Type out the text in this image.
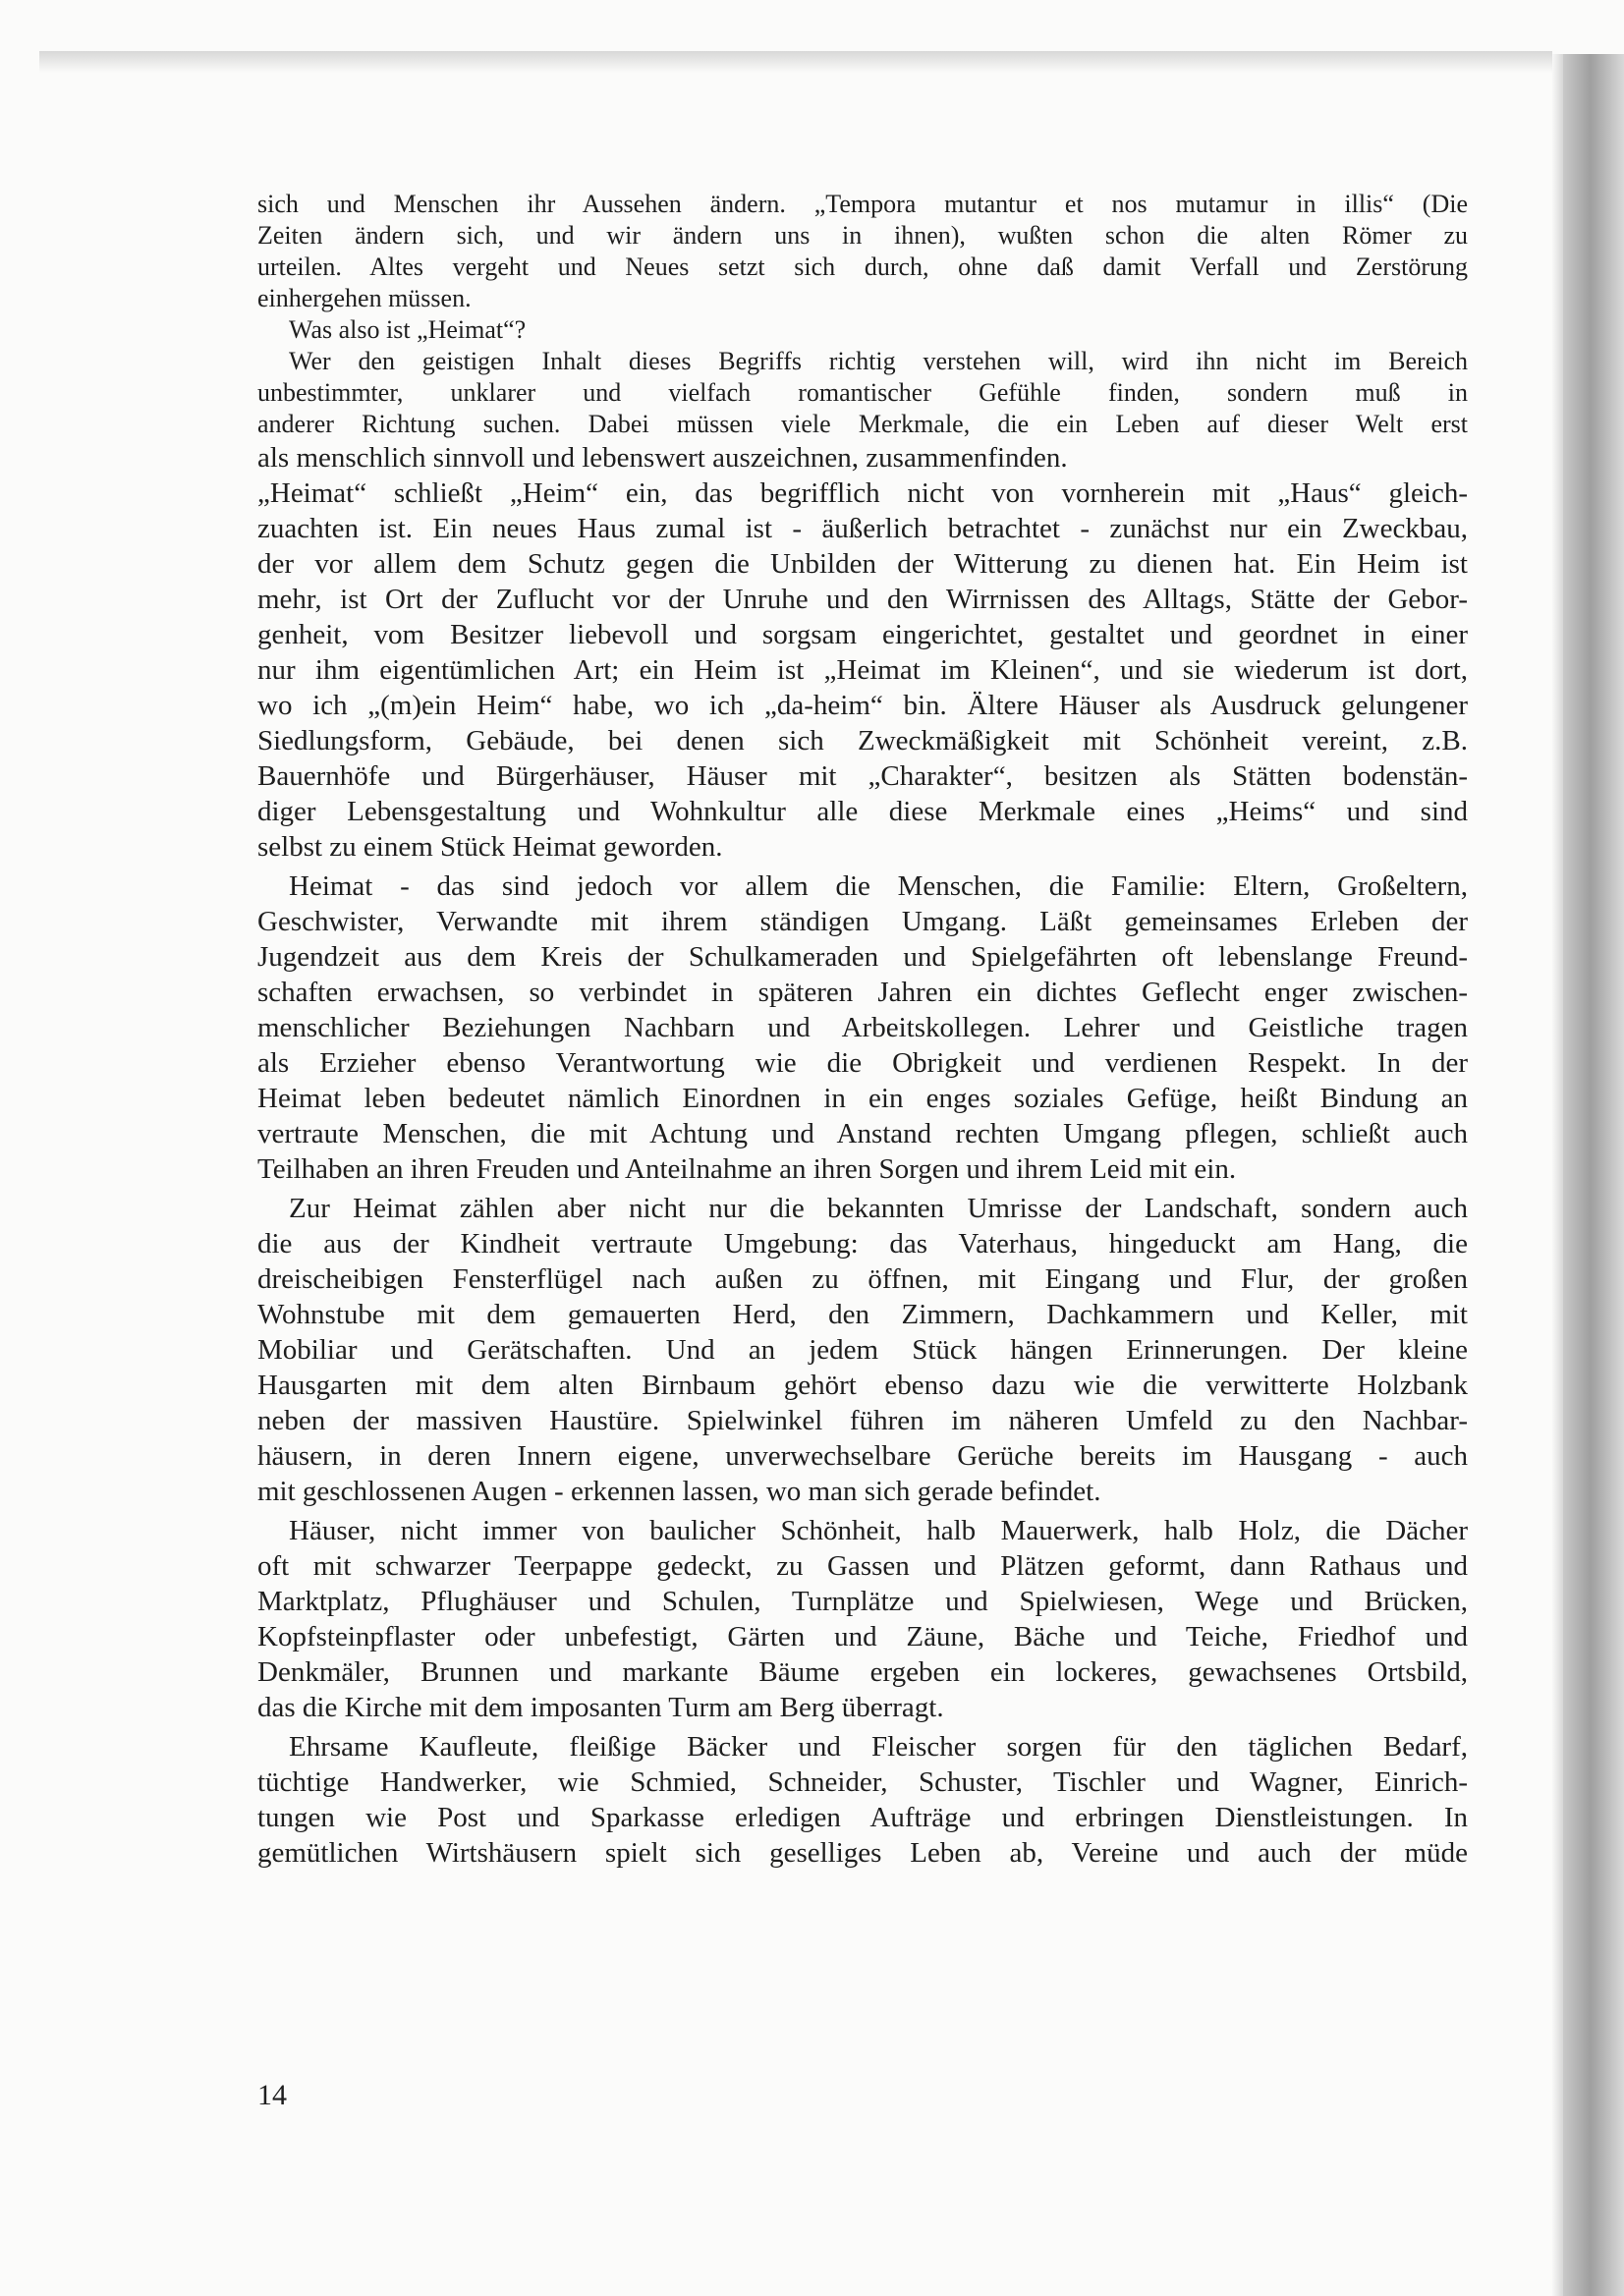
sich und Menschen ihr Aussehen ändern. „Tempora mutantur et nos mutamur in illis“ (Die
Zeiten ändern sich, und wir ändern uns in ihnen), wußten schon die alten Römer zu
urteilen. Altes vergeht und Neues setzt sich durch, ohne daß damit Verfall und Zerstörung
einhergehen müssen.
Was also ist „Heimat“?
Wer den geistigen Inhalt dieses Begriffs richtig verstehen will, wird ihn nicht im Bereich
unbestimmter, unklarer und vielfach romantischer Gefühle finden, sondern muß in
anderer Richtung suchen. Dabei müssen viele Merkmale, die ein Leben auf dieser Welt erst
als menschlich sinnvoll und lebenswert auszeichnen, zusammenfinden.
„Heimat“ schließt „Heim“ ein, das begrifflich nicht von vornherein mit „Haus“ gleich-
zuachten ist. Ein neues Haus zumal ist - äußerlich betrachtet - zunächst nur ein Zweckbau,
der vor allem dem Schutz gegen die Unbilden der Witterung zu dienen hat. Ein Heim ist
mehr, ist Ort der Zuflucht vor der Unruhe und den Wirrnissen des Alltags, Stätte der Gebor-
genheit, vom Besitzer liebevoll und sorgsam eingerichtet, gestaltet und geordnet in einer
nur ihm eigentümlichen Art; ein Heim ist „Heimat im Kleinen“, und sie wiederum ist dort,
wo ich „(m)ein Heim“ habe, wo ich „da-heim“ bin. Ältere Häuser als Ausdruck gelungener
Siedlungsform, Gebäude, bei denen sich Zweckmäßigkeit mit Schönheit vereint, z.B.
Bauernhöfe und Bürgerhäuser, Häuser mit „Charakter“, besitzen als Stätten bodenstän-
diger Lebensgestaltung und Wohnkultur alle diese Merkmale eines „Heims“ und sind
selbst zu einem Stück Heimat geworden.
Heimat - das sind jedoch vor allem die Menschen, die Familie: Eltern, Großeltern,
Geschwister, Verwandte mit ihrem ständigen Umgang. Läßt gemeinsames Erleben der
Jugendzeit aus dem Kreis der Schulkameraden und Spielgefährten oft lebenslange Freund-
schaften erwachsen, so verbindet in späteren Jahren ein dichtes Geflecht enger zwischen-
menschlicher Beziehungen Nachbarn und Arbeitskollegen. Lehrer und Geistliche tragen
als Erzieher ebenso Verantwortung wie die Obrigkeit und verdienen Respekt. In der
Heimat leben bedeutet nämlich Einordnen in ein enges soziales Gefüge, heißt Bindung an
vertraute Menschen, die mit Achtung und Anstand rechten Umgang pflegen, schließt auch
Teilhaben an ihren Freuden und Anteilnahme an ihren Sorgen und ihrem Leid mit ein.
Zur Heimat zählen aber nicht nur die bekannten Umrisse der Landschaft, sondern auch
die aus der Kindheit vertraute Umgebung: das Vaterhaus, hingeduckt am Hang, die
dreischeibigen Fensterflügel nach außen zu öffnen, mit Eingang und Flur, der großen
Wohnstube mit dem gemauerten Herd, den Zimmern, Dachkammern und Keller, mit
Mobiliar und Gerätschaften. Und an jedem Stück hängen Erinnerungen. Der kleine
Hausgarten mit dem alten Birnbaum gehört ebenso dazu wie die verwitterte Holzbank
neben der massiven Haustüre. Spielwinkel führen im näheren Umfeld zu den Nachbar-
häusern, in deren Innern eigene, unverwechselbare Gerüche bereits im Hausgang - auch
mit geschlossenen Augen - erkennen lassen, wo man sich gerade befindet.
Häuser, nicht immer von baulicher Schönheit, halb Mauerwerk, halb Holz, die Dächer
oft mit schwarzer Teerpappe gedeckt, zu Gassen und Plätzen geformt, dann Rathaus und
Marktplatz, Pflughäuser und Schulen, Turnplätze und Spielwiesen, Wege und Brücken,
Kopfsteinpflaster oder unbefestigt, Gärten und Zäune, Bäche und Teiche, Friedhof und
Denkmäler, Brunnen und markante Bäume ergeben ein lockeres, gewachsenes Ortsbild,
das die Kirche mit dem imposanten Turm am Berg überragt.
Ehrsame Kaufleute, fleißige Bäcker und Fleischer sorgen für den täglichen Bedarf,
tüchtige Handwerker, wie Schmied, Schneider, Schuster, Tischler und Wagner, Einrich-
tungen wie Post und Sparkasse erledigen Aufträge und erbringen Dienstleistungen. In
gemütlichen Wirtshäusern spielt sich geselliges Leben ab, Vereine und auch der müde
14
